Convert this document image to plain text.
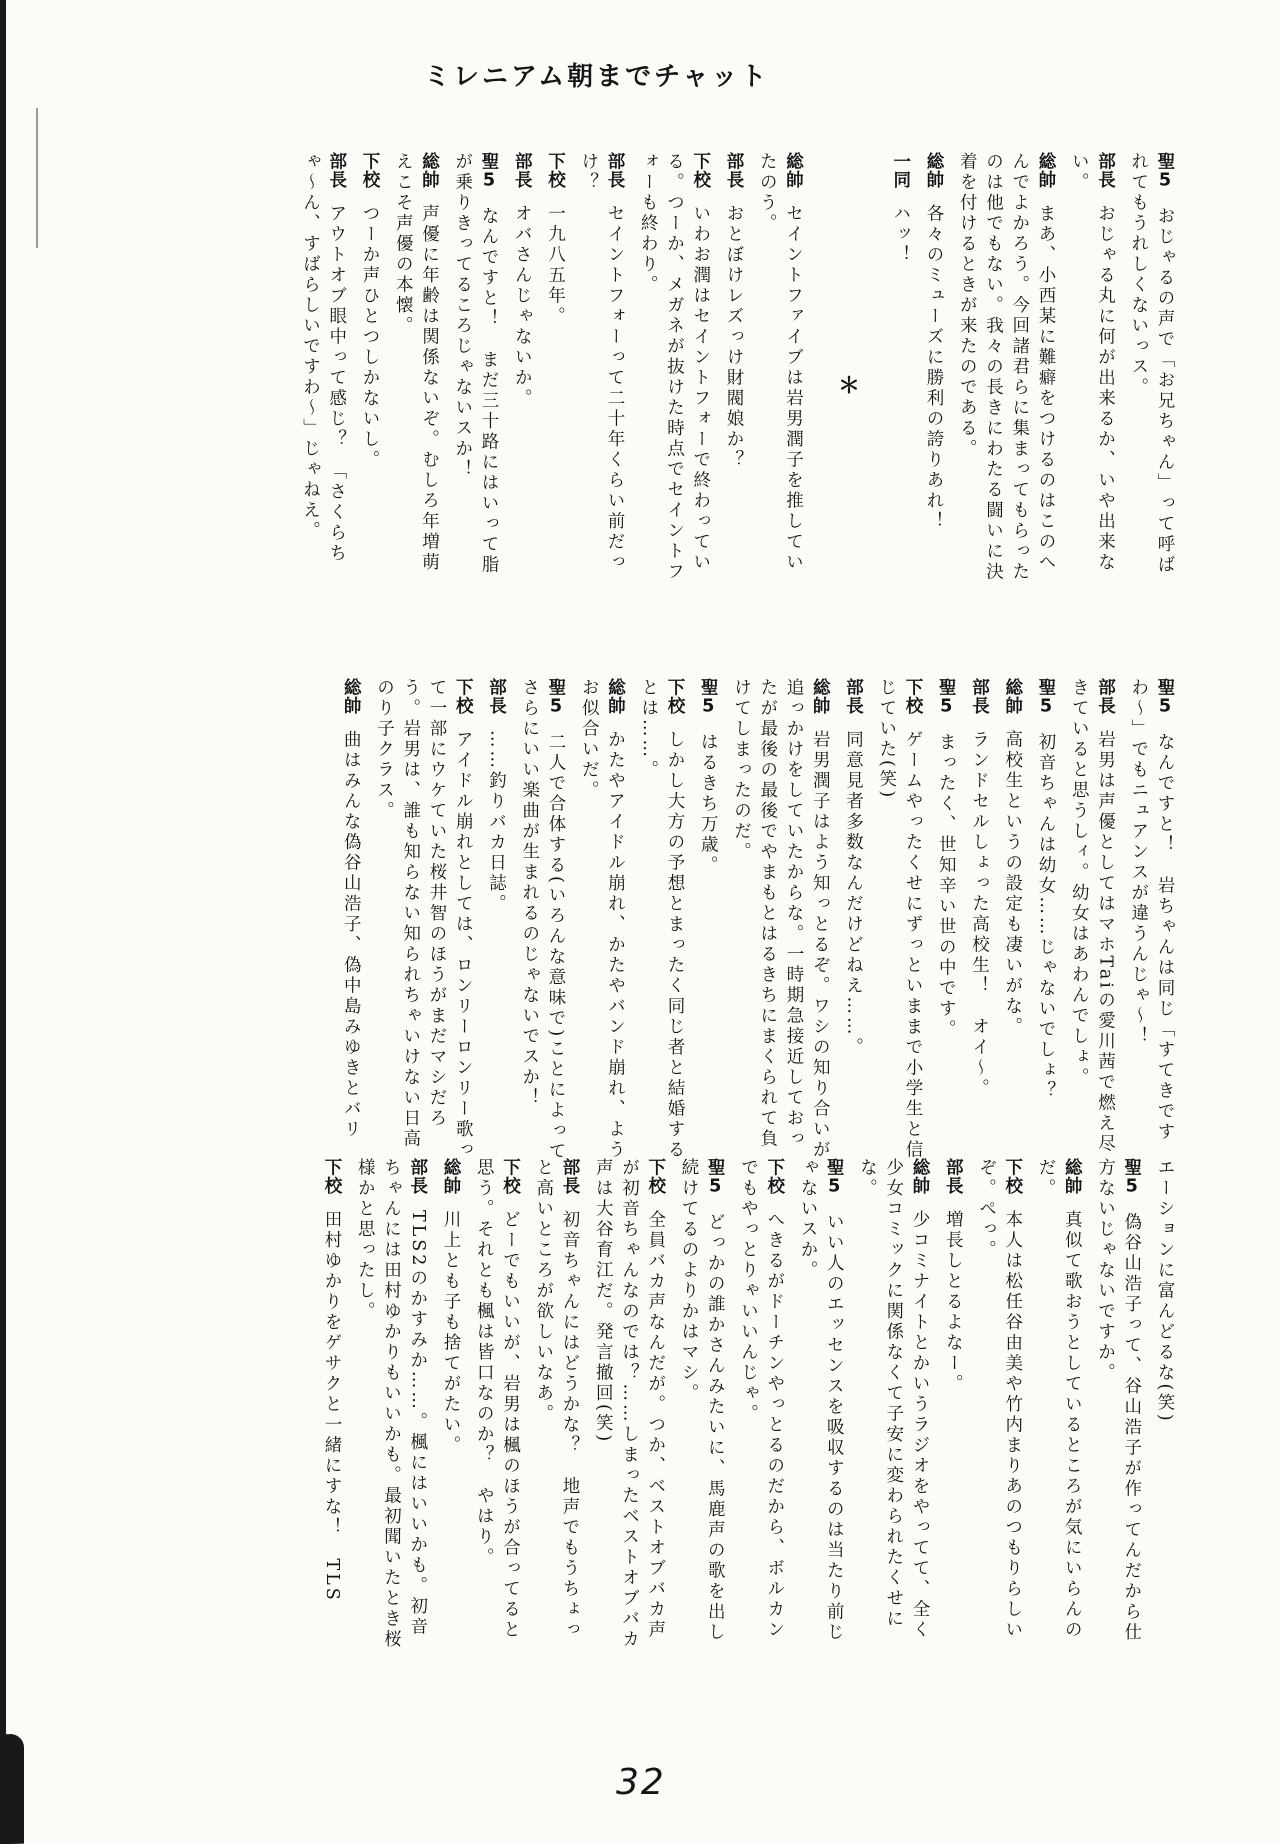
ミレニアム朝までチャット
聖5おじゃるの声で「お兄ちゃん」って呼ばれてもうれしくないっス。
部長おじゃる丸に何が出来るか、いや出来ない。
総帥まあ、小西某に難癖をつけるのはこのへんでよかろう。今回諸君らに集まってもらったのは他でもない。我々の長きにわたる闘いに決着を付けるときが来たのである。
総帥各々のミューズに勝利の誇りあれ！
一同ハッ！
＊
総帥セイントファイブは岩男潤子を推していたのう。
部長おとぼけレズっけ財閥娘か？
下校いわお潤はセイントフォーで終わっている。つーか、メガネが抜けた時点でセイントフォーも終わり。
部長セイントフォーって二十年くらい前だっけ？
下校一九八五年。
部長オバさんじゃないか。
聖5なんですと！　まだ三十路にはいって脂が乗りきってるころじゃないスか！
総帥声優に年齢は関係ないぞ。むしろ年増萌えこそ声優の本懐。
下校つーか声ひとつしかないし。
部長アウトオブ眼中って感じ？　「さくらちゃ〜ん、すばらしいですわ〜」じゃねえ。
聖5なんですと！　岩ちゃんは同じ「すてきですわ〜」でもニュアンスが違うんじゃ〜！
部長岩男は声優としてはマホTaiの愛川茜で燃え尽きていると思うしィ。幼女はあわんでしょ。
聖5初音ちゃんは幼女……じゃないでしょ？
総帥高校生というの設定も凄いがな。
部長ランドセルしょった高校生！　オイ〜。
聖5まったく、世知辛い世の中です。
下校ゲームやったくせにずっといままで小学生と信じていた(笑)
部長同意見者多数なんだけどねえ……。
総帥岩男潤子はよう知っとるぞ。ワシの知り合いが追っかけをしていたからな。一時期急接近しておったが最後の最後でやまもとはるきちにまくられて負けてしまったのだ。
聖5はるきち万歳。
下校しかし大方の予想とまったく同じ者と結婚するとは……。
総帥かたやアイドル崩れ、かたやバンド崩れ、ようお似合いだ。
聖5二人で合体する(いろんな意味で)ことによってさらにいい楽曲が生まれるのじゃないでスか！
部長……釣りバカ日誌。
下校アイドル崩れとしては、ロンリーロンリー歌って一部にウケていた桜井智のほうがまだマシだろう。岩男は、誰も知らない知られちゃいけない日高のり子クラス。
総帥曲はみんな偽谷山浩子、偽中島みゆきとバリ
エーションに富んどるな(笑)
聖5偽谷山浩子って、谷山浩子が作ってんだから仕方ないじゃないですか。
総帥真似て歌おうとしているところが気にいらんのだ。
下校本人は松任谷由美や竹内まりあのつもりらしいぞ。ぺっ。
部長増長しとるよなー。
総帥少コミナイトとかいうラジオをやってて、全く少女コミックに関係なくて子安に変わられたくせにな。
聖5いい人のエッセンスを吸収するのは当たり前じゃないスか。
下校へきるがドーチンやっとるのだから、ボルカンでもやっとりゃいいんじゃ。
聖5どっかの誰かさんみたいに、馬鹿声の歌を出し続けてるのよりかはマシ。
下校全員バカ声なんだが。つか、ベストオブバカ声が初音ちゃんなのでは？……しまったベストオブバカ声は大谷育江だ。発言撤回(笑)
部長初音ちゃんにはどうかな？　地声でもうちょっと高いところが欲しいなあ。
下校どーでもいいが、岩男は楓のほうが合ってると思う。それとも楓は皆口なのか？　やはり。
総帥川上とも子も捨てがたい。
部長TLS2のかすみか……。楓にはいいかも。初音ちゃんには田村ゆかりもいいかも。最初聞いたとき桜様かと思ったし。
下校田村ゆかりをゲサクと一緒にすな！　TLS
32
